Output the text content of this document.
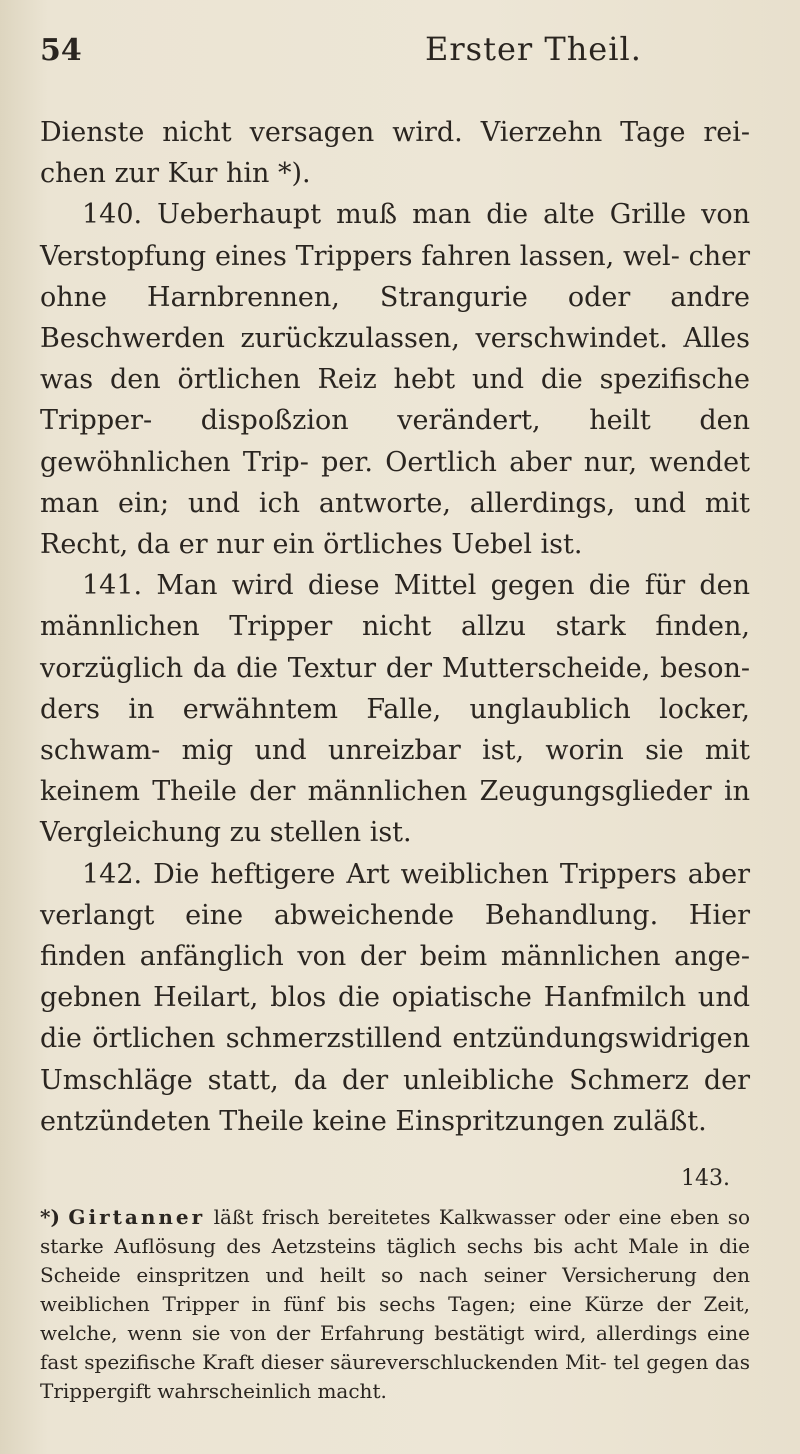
54	Erster Theil.

Dienste nicht versagen wird. Vierzehn Tage rei- chen zur Kur hin *).

140. Ueberhaupt muß man die alte Grille von Verstopfung eines Trippers fahren lassen, wel- cher ohne Harnbrennen, Strangurie oder andre Beschwerden zurückzulassen, verschwindet. Alles was den örtlichen Reiz hebt und die spezifische Tripper- dispoßzion verändert, heilt den gewöhnlichen Trip- per. Oertlich aber nur, wendet man ein; und ich antworte, allerdings, und mit Recht, da er nur ein örtliches Uebel ist.

141. Man wird diese Mittel gegen die für den männlichen Tripper nicht allzu stark finden, vorzüglich da die Textur der Mutterscheide, beson- ders in erwähntem Falle, unglaublich locker, schwam- mig und unreizbar ist, worin sie mit keinem Theile der männlichen Zeugungsglieder in Vergleichung zu stellen ist.

142. Die heftigere Art weiblichen Trippers aber verlangt eine abweichende Behandlung. Hier finden anfänglich von der beim männlichen ange- gebnen Heilart, blos die opiatische Hanfmilch und die örtlichen schmerzstillend entzündungswidrigen Umschläge statt, da der unleibliche Schmerz der entzündeten Theile keine Einspritzungen zuläßt.

143.

*) Girtanner läßt frisch bereitetes Kalkwasser oder eine eben so starke Auflösung des Aetzsteins täglich sechs bis acht Male in die Scheide einspritzen und heilt so nach seiner Versicherung den weiblichen Tripper in fünf bis sechs Tagen; eine Kürze der Zeit, welche, wenn sie von der Erfahrung bestätigt wird, allerdings eine fast spezifische Kraft dieser säureverschluckenden Mit- tel gegen das Trippergift wahrscheinlich macht.
